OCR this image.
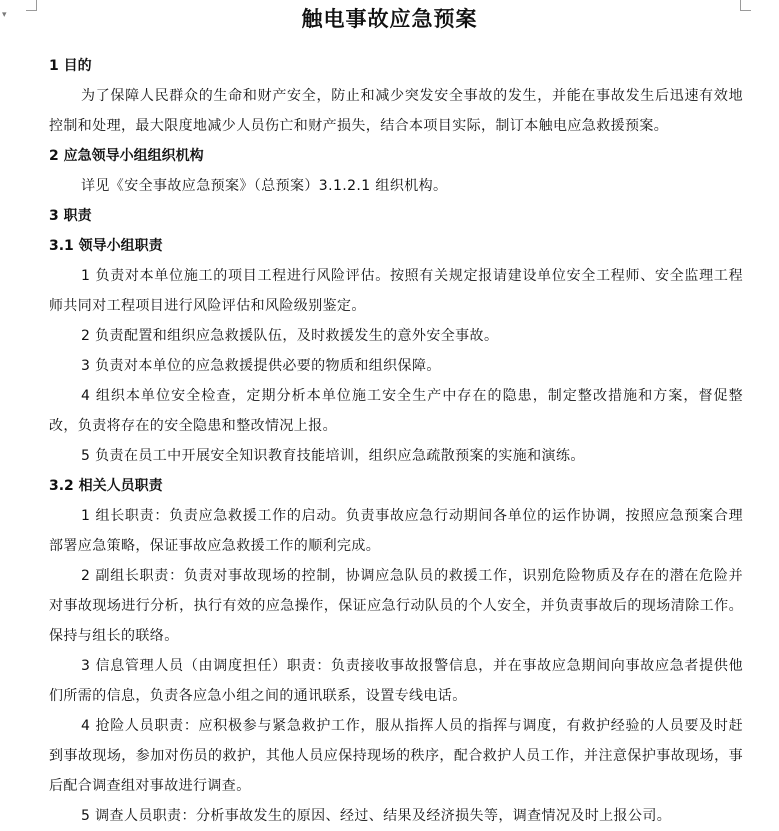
▾	触电事故应急预案
1 目的
为了保障人民群众的生命和财产安全，防止和减少突发安全事故的发生，并能在事故发生后迅速有效地控制和处理，最大限度地减少人员伤亡和财产损失，结合本项目实际，制订本触电应急救援预案。
2 应急领导小组组织机构
详见《安全事故应急预案》（总预案）3.1.2.1 组织机构。
3 职责
3.1 领导小组职责
1 负责对本单位施工的项目工程进行风险评估。按照有关规定报请建设单位安全工程师、安全监理工程师共同对工程项目进行风险评估和风险级别鉴定。
2 负责配置和组织应急救援队伍，及时救援发生的意外安全事故。
3 负责对本单位的应急救援提供必要的物质和组织保障。
4 组织本单位安全检查，定期分析本单位施工安全生产中存在的隐患，制定整改措施和方案，督促整改，负责将存在的安全隐患和整改情况上报。
5 负责在员工中开展安全知识教育技能培训，组织应急疏散预案的实施和演练。
3.2 相关人员职责
1 组长职责：负责应急救援工作的启动。负责事故应急行动期间各单位的运作协调，按照应急预案合理部署应急策略，保证事故应急救援工作的顺利完成。
2 副组长职责：负责对事故现场的控制，协调应急队员的救援工作，识别危险物质及存在的潜在危险并对事故现场进行分析，执行有效的应急操作，保证应急行动队员的个人安全，并负责事故后的现场清除工作。保持与组长的联络。
3 信息管理人员（由调度担任）职责：负责接收事故报警信息，并在事故应急期间向事故应急者提供他们所需的信息，负责各应急小组之间的通讯联系，设置专线电话。
4 抢险人员职责：应积极参与紧急救护工作，服从指挥人员的指挥与调度，有救护经验的人员要及时赶到事故现场，参加对伤员的救护，其他人员应保持现场的秩序，配合救护人员工作，并注意保护事故现场，事后配合调查组对事故进行调查。
5 调查人员职责：分析事故发生的原因、经过、结果及经济损失等，调查情况及时上报公司。
